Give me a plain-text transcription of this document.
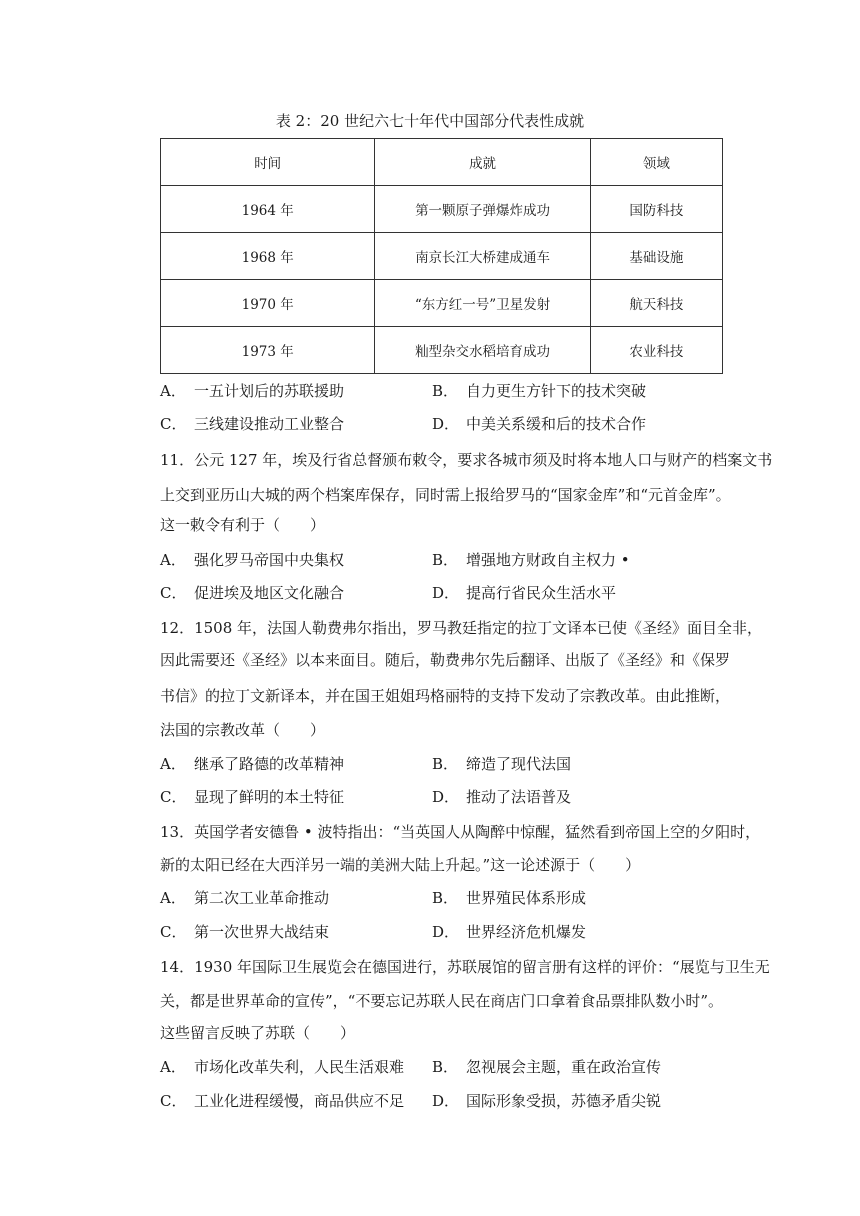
表 2：20 世纪六七十年代中国部分代表性成就
时间	成就	领域
1964 年	第一颗原子弹爆炸成功	国防科技
1968 年	南京长江大桥建成通车	基础设施
1970 年	“东方红一号”卫星发射	航天科技
1973 年	籼型杂交水稻培育成功	农业科技
A． 一五计划后的苏联援助	B． 自力更生方针下的技术突破
C． 三线建设推动工业整合	D． 中美关系缓和后的技术合作
11．公元 127 年，埃及行省总督颁布敕令，要求各城市须及时将本地人口与财产的档案文书
上交到亚历山大城的两个档案库保存，同时需上报给罗马的“国家金库”和“元首金库”。
这一敕令有利于（　　）
A． 强化罗马帝国中央集权	B． 增强地方财政自主权力 •
C． 促进埃及地区文化融合	D． 提高行省民众生活水平
12．1508 年，法国人勒费弗尔指出，罗马教廷指定的拉丁文译本已使《圣经》面目全非，
因此需要还《圣经》以本来面目。随后，勒费弗尔先后翻译、出版了《圣经》和《保罗
书信》的拉丁文新译本，并在国王姐姐玛格丽特的支持下发动了宗教改革。由此推断，
法国的宗教改革（　　）
A． 继承了路德的改革精神	B． 缔造了现代法国
C． 显现了鲜明的本土特征	D． 推动了法语普及
13．英国学者安德鲁 • 波特指出：“当英国人从陶醉中惊醒，猛然看到帝国上空的夕阳时，
新的太阳已经在大西洋另一端的美洲大陆上升起。”这一论述源于（　　）
A． 第二次工业革命推动	B． 世界殖民体系形成
C． 第一次世界大战结束	D． 世界经济危机爆发
14．1930 年国际卫生展览会在德国进行，苏联展馆的留言册有这样的评价：“展览与卫生无
关，都是世界革命的宣传”，“不要忘记苏联人民在商店门口拿着食品票排队数小时”。
这些留言反映了苏联（　　）
A． 市场化改革失利，人民生活艰难 B． 忽视展会主题，重在政治宣传
C． 工业化进程缓慢，商品供应不足 D． 国际形象受损，苏德矛盾尖锐
